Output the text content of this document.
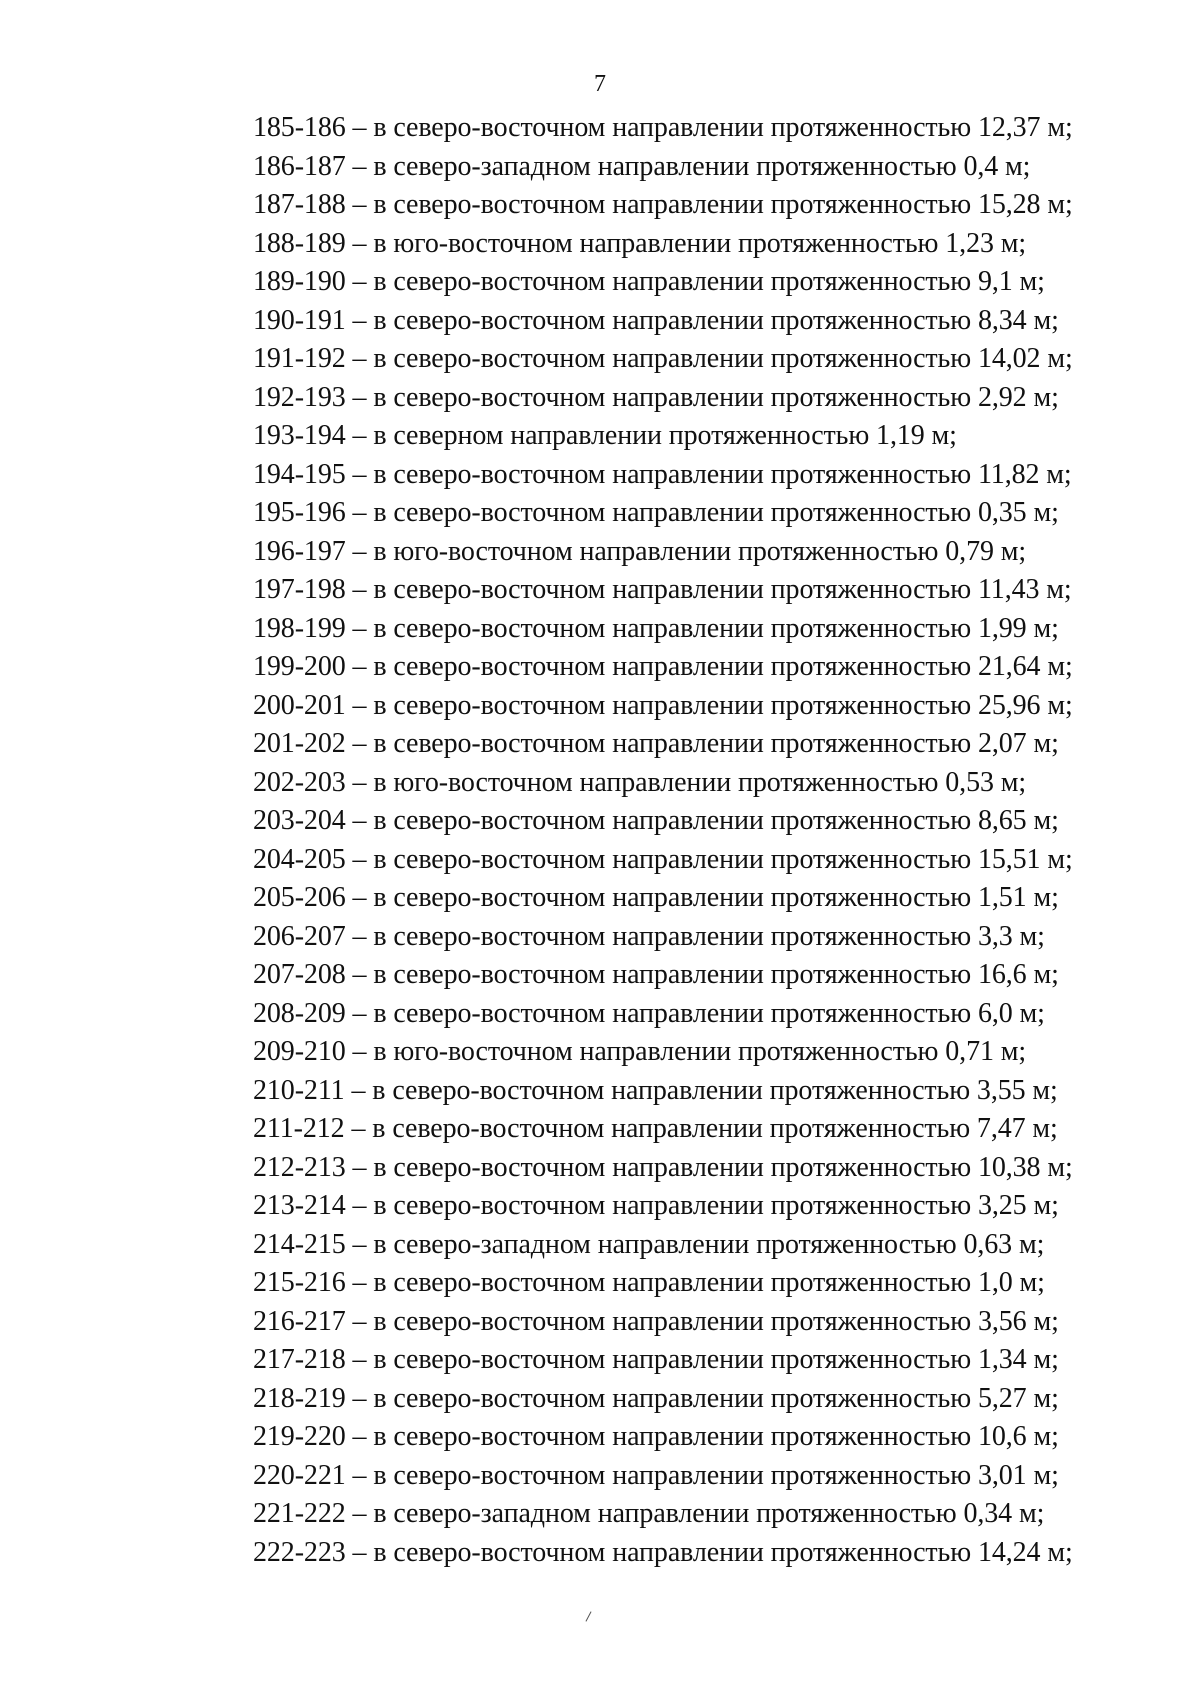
7
185-186 – в северо-восточном направлении протяженностью 12,37 м;
186-187 – в северо-западном направлении протяженностью 0,4 м;
187-188 – в северо-восточном направлении протяженностью 15,28 м;
188-189 – в юго-восточном направлении протяженностью 1,23 м;
189-190 – в северо-восточном направлении протяженностью 9,1 м;
190-191 – в северо-восточном направлении протяженностью 8,34 м;
191-192 – в северо-восточном направлении протяженностью 14,02 м;
192-193 – в северо-восточном направлении протяженностью 2,92 м;
193-194 – в северном направлении протяженностью 1,19 м;
194-195 – в северо-восточном направлении протяженностью 11,82 м;
195-196 – в северо-восточном направлении протяженностью 0,35 м;
196-197 – в юго-восточном направлении протяженностью 0,79 м;
197-198 – в северо-восточном направлении протяженностью 11,43 м;
198-199 – в северо-восточном направлении протяженностью 1,99 м;
199-200 – в северо-восточном направлении протяженностью 21,64 м;
200-201 – в северо-восточном направлении протяженностью 25,96 м;
201-202 – в северо-восточном направлении протяженностью 2,07 м;
202-203 – в юго-восточном направлении протяженностью 0,53 м;
203-204 – в северо-восточном направлении протяженностью 8,65 м;
204-205 – в северо-восточном направлении протяженностью 15,51 м;
205-206 – в северо-восточном направлении протяженностью 1,51 м;
206-207 – в северо-восточном направлении протяженностью 3,3 м;
207-208 – в северо-восточном направлении протяженностью 16,6 м;
208-209 – в северо-восточном направлении протяженностью 6,0 м;
209-210 – в юго-восточном направлении протяженностью 0,71 м;
210-211 – в северо-восточном направлении протяженностью 3,55 м;
211-212 – в северо-восточном направлении протяженностью 7,47 м;
212-213 – в северо-восточном направлении протяженностью 10,38 м;
213-214 – в северо-восточном направлении протяженностью 3,25 м;
214-215 – в северо-западном направлении протяженностью 0,63 м;
215-216 – в северо-восточном направлении протяженностью 1,0 м;
216-217 – в северо-восточном направлении протяженностью 3,56 м;
217-218 – в северо-восточном направлении протяженностью 1,34 м;
218-219 – в северо-восточном направлении протяженностью 5,27 м;
219-220 – в северо-восточном направлении протяженностью 10,6 м;
220-221 – в северо-восточном направлении протяженностью 3,01 м;
221-222 – в северо-западном направлении протяженностью 0,34 м;
222-223 – в северо-восточном направлении протяженностью 14,24 м;
